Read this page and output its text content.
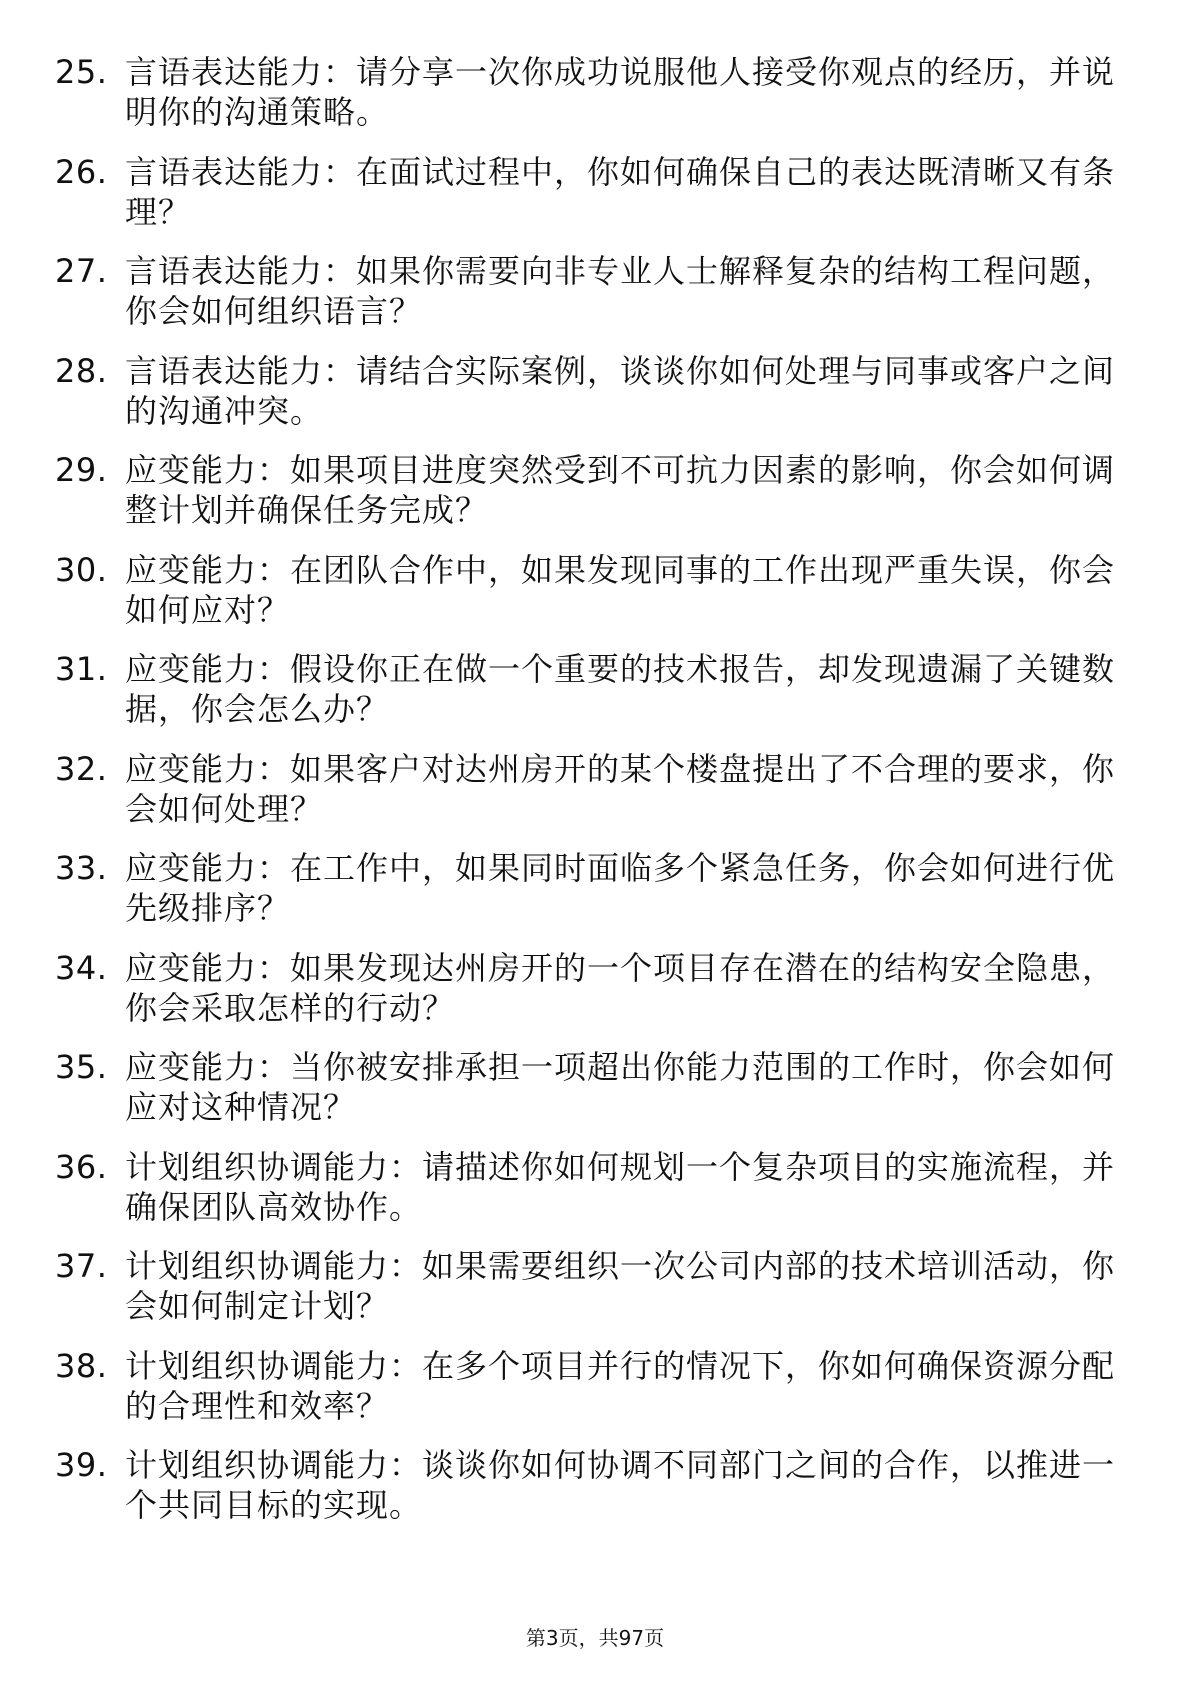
25. 言语表达能力：请分享一次你成功说服他人接受你观点的经历，并说明你的沟通策略。
26. 言语表达能力：在面试过程中，你如何确保自己的表达既清晰又有条理？
27. 言语表达能力：如果你需要向非专业人士解释复杂的结构工程问题，你会如何组织语言？
28. 言语表达能力：请结合实际案例，谈谈你如何处理与同事或客户之间的沟通冲突。
29. 应变能力：如果项目进度突然受到不可抗力因素的影响，你会如何调整计划并确保任务完成？
30. 应变能力：在团队合作中，如果发现同事的工作出现严重失误，你会如何应对？
31. 应变能力：假设你正在做一个重要的技术报告，却发现遗漏了关键数据，你会怎么办？
32. 应变能力：如果客户对达州房开的某个楼盘提出了不合理的要求，你会如何处理？
33. 应变能力：在工作中，如果同时面临多个紧急任务，你会如何进行优先级排序？
34. 应变能力：如果发现达州房开的一个项目存在潜在的结构安全隐患，你会采取怎样的行动？
35. 应变能力：当你被安排承担一项超出你能力范围的工作时，你会如何应对这种情况？
36. 计划组织协调能力：请描述你如何规划一个复杂项目的实施流程，并确保团队高效协作。
37. 计划组织协调能力：如果需要组织一次公司内部的技术培训活动，你会如何制定计划？
38. 计划组织协调能力：在多个项目并行的情况下，你如何确保资源分配的合理性和效率？
39. 计划组织协调能力：谈谈你如何协调不同部门之间的合作，以推进一个共同目标的实现。
第3页，共97页
